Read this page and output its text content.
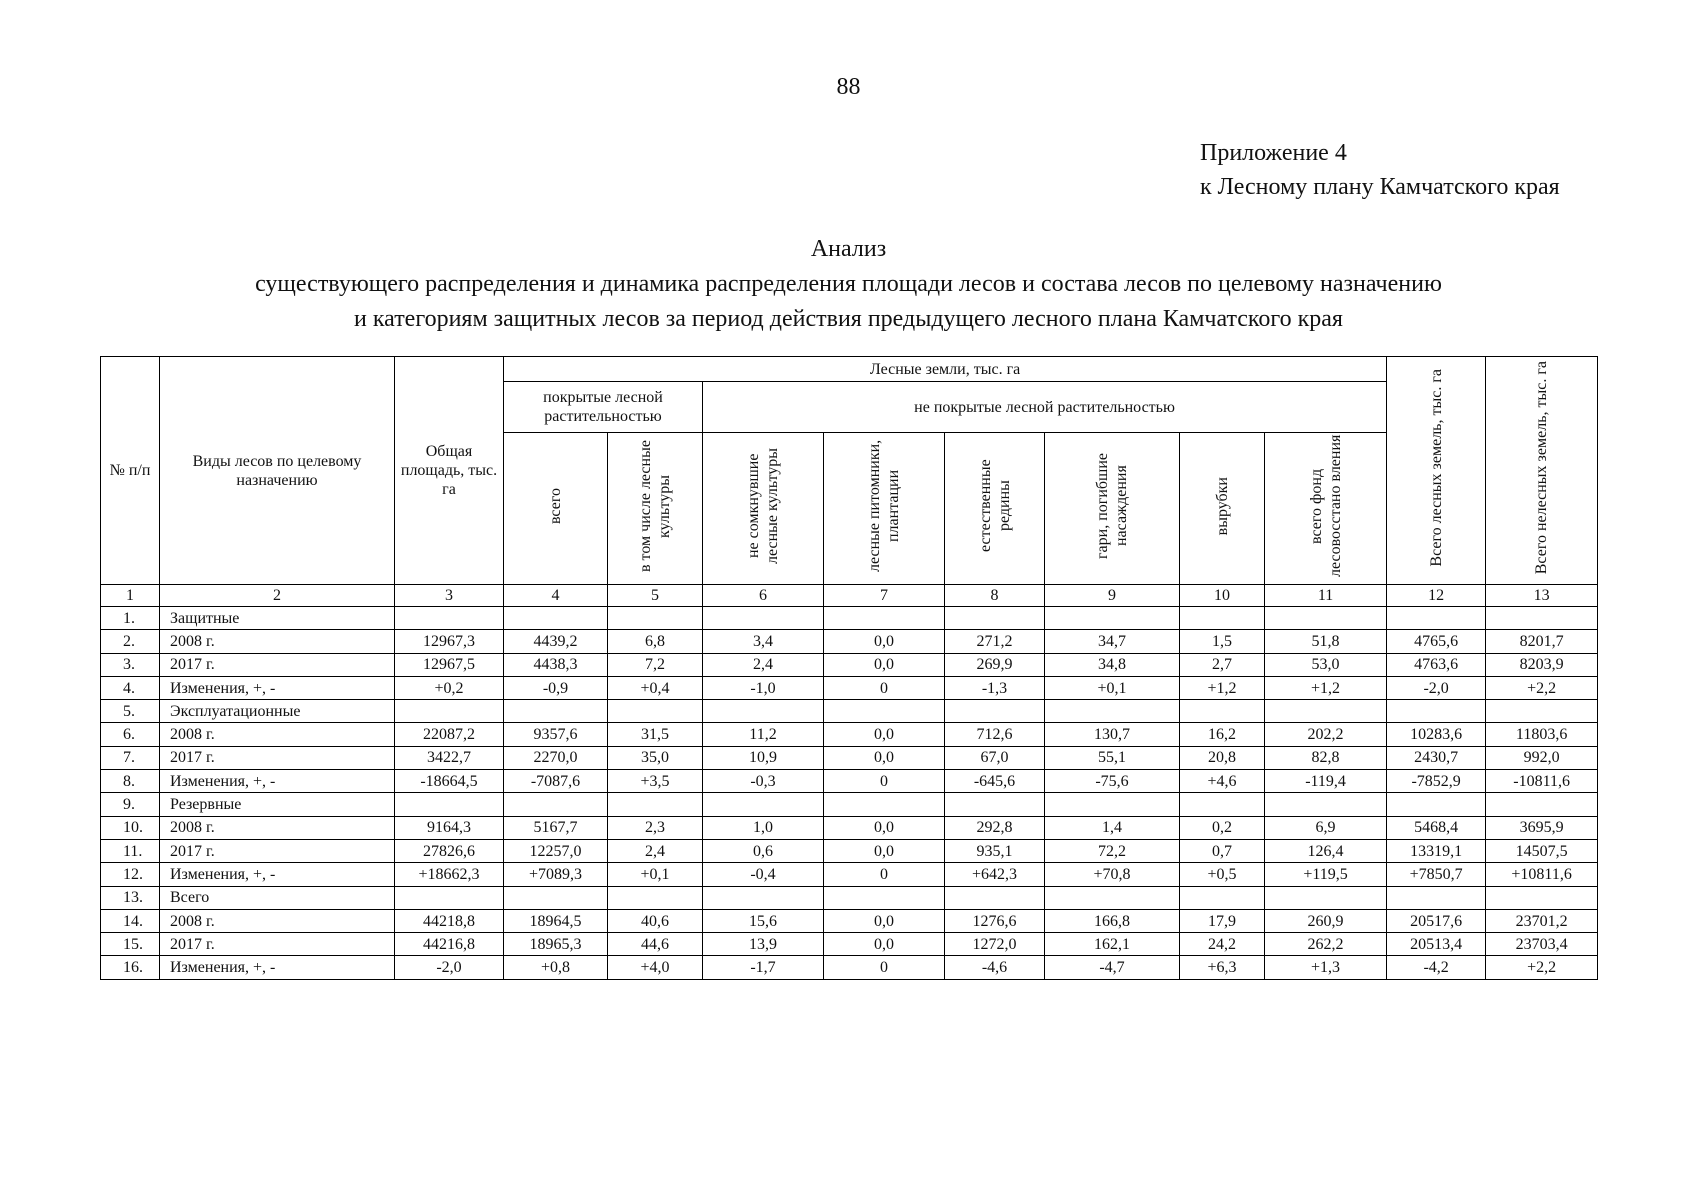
88
Приложение 4
к Лесному плану Камчатского края
Анализ
существующего распределения и динамика распределения площади лесов и состава лесов по целевому назначению
и категориям защитных лесов за период действия предыдущего лесного плана Камчатского края
№ п/п	Виды лесов по целевому назначению	Общая площадь, тыс. га	Лесные земли, тыс. га								Всего лесных земель, тыс. га	Всего нелесных земель, тыс. га
			покрытые лесной растительностью		не покрытые лесной растительностью							
			всего	в том числе лесные культуры	не сомкнувшие лесные культуры	лесные питомники, плантации	естественные редины	гари, погибшие насаждения	вырубки	всего фонд лесовосстано вления		
1	2	3	4	5	6	7	8	9	10	11	12	13
1.	Защитные											
2.	2008 г.	12967,3	4439,2	6,8	3,4	0,0	271,2	34,7	1,5	51,8	4765,6	8201,7
3.	2017 г.	12967,5	4438,3	7,2	2,4	0,0	269,9	34,8	2,7	53,0	4763,6	8203,9
4.	Изменения, +, -	+0,2	-0,9	+0,4	-1,0	0	-1,3	+0,1	+1,2	+1,2	-2,0	+2,2
5.	Эксплуатационные											
6.	2008 г.	22087,2	9357,6	31,5	11,2	0,0	712,6	130,7	16,2	202,2	10283,6	11803,6
7.	2017 г.	3422,7	2270,0	35,0	10,9	0,0	67,0	55,1	20,8	82,8	2430,7	992,0
8.	Изменения, +, -	-18664,5	-7087,6	+3,5	-0,3	0	-645,6	-75,6	+4,6	-119,4	-7852,9	-10811,6
9.	Резервные											
10.	2008 г.	9164,3	5167,7	2,3	1,0	0,0	292,8	1,4	0,2	6,9	5468,4	3695,9
11.	2017 г.	27826,6	12257,0	2,4	0,6	0,0	935,1	72,2	0,7	126,4	13319,1	14507,5
12.	Изменения, +, -	+18662,3	+7089,3	+0,1	-0,4	0	+642,3	+70,8	+0,5	+119,5	+7850,7	+10811,6
13.	Всего											
14.	2008 г.	44218,8	18964,5	40,6	15,6	0,0	1276,6	166,8	17,9	260,9	20517,6	23701,2
15.	2017 г.	44216,8	18965,3	44,6	13,9	0,0	1272,0	162,1	24,2	262,2	20513,4	23703,4
16.	Изменения, +, -	-2,0	+0,8	+4,0	-1,7	0	-4,6	-4,7	+6,3	+1,3	-4,2	+2,2
